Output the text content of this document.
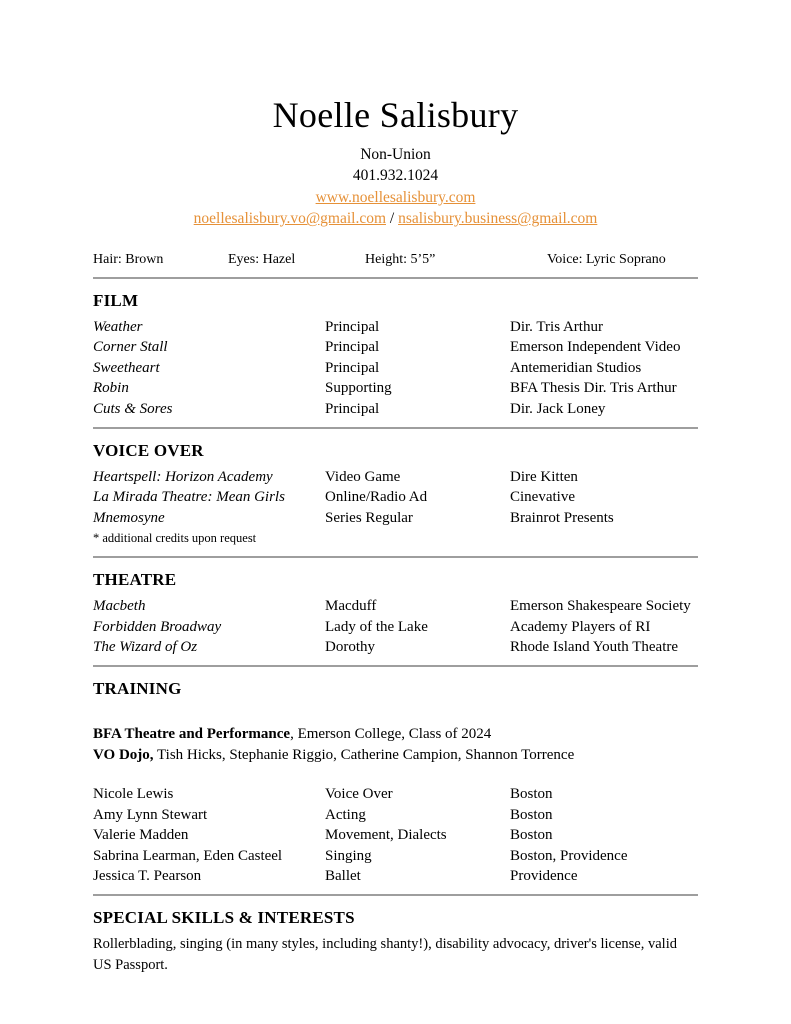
Noelle Salisbury
Non-Union
401.932.1024
www.noellesalisbury.com
noellesalisbury.vo@gmail.com / nsalisbury.business@gmail.com
Hair: Brown	Eyes: Hazel	Height: 5’5”	Voice: Lyric Soprano
FILM
Weather	Principal	Dir. Tris Arthur
Corner Stall	Principal	Emerson Independent Video
Sweetheart	Principal	Antemeridian Studios
Robin	Supporting	BFA Thesis Dir. Tris Arthur
Cuts & Sores	Principal	Dir. Jack Loney
VOICE OVER
Heartspell: Horizon Academy	Video Game	Dire Kitten
La Mirada Theatre: Mean Girls	Online/Radio Ad	Cinevative
Mnemosyne	Series Regular	Brainrot Presents
* additional credits upon request
THEATRE
Macbeth	Macduff	Emerson Shakespeare Society
Forbidden Broadway	Lady of the Lake	Academy Players of RI
The Wizard of Oz	Dorothy	Rhode Island Youth Theatre
TRAINING
BFA Theatre and Performance, Emerson College, Class of 2024
VO Dojo, Tish Hicks, Stephanie Riggio, Catherine Campion, Shannon Torrence
Nicole Lewis	Voice Over	Boston
Amy Lynn Stewart	Acting	Boston
Valerie Madden	Movement, Dialects	Boston
Sabrina Learman, Eden Casteel	Singing	Boston, Providence
Jessica T. Pearson	Ballet	Providence
SPECIAL SKILLS & INTERESTS

Rollerblading, singing (in many styles, including shanty!), disability advocacy, driver's license, valid US Passport.
